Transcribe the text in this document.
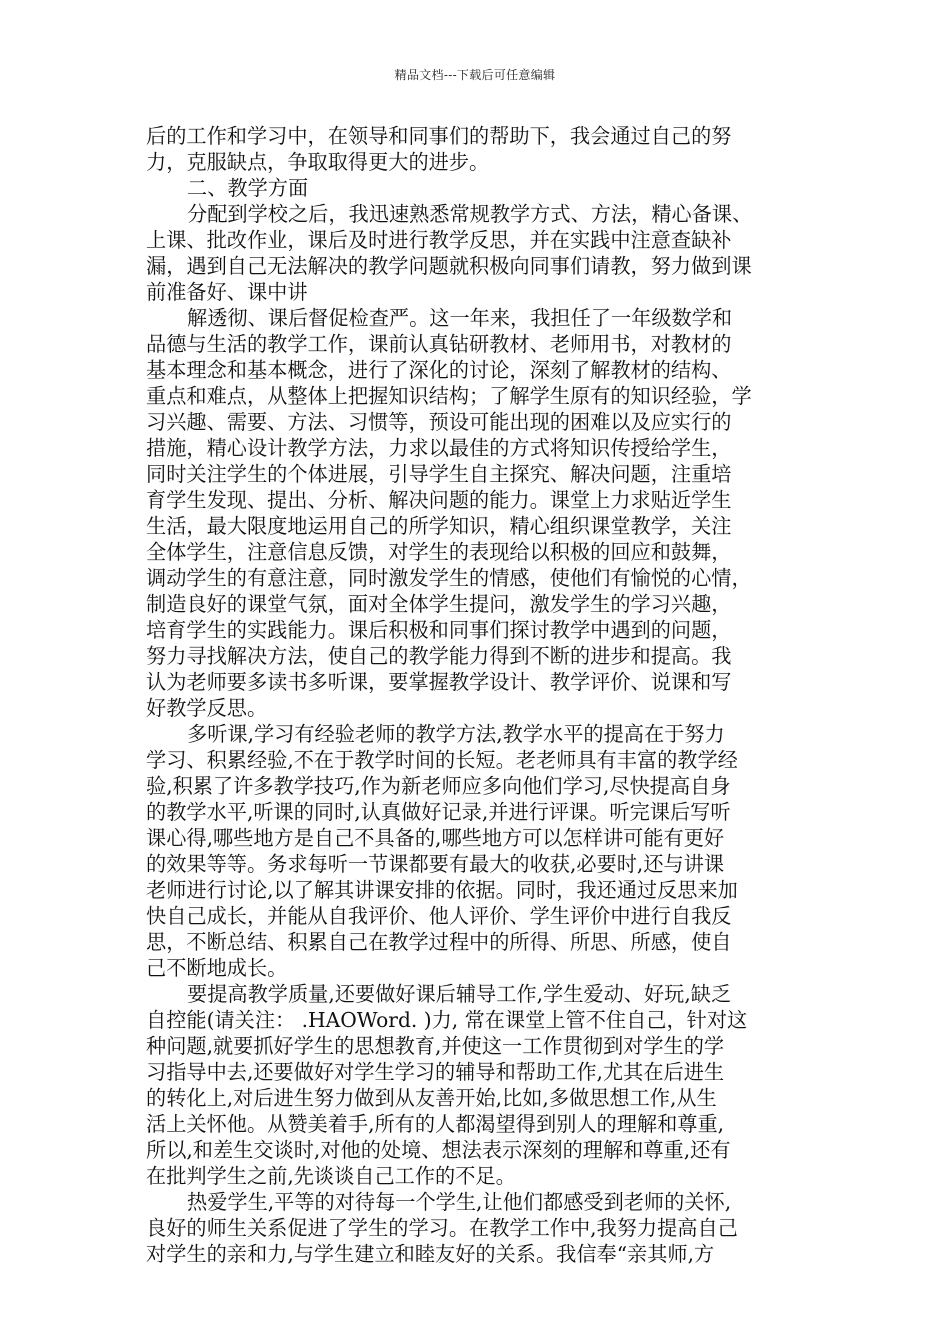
精品文档---下载后可任意编辑
后的工作和学习中，在领导和同事们的帮助下，我会通过自己的努
力，克服缺点，争取取得更大的进步。
二、教学方面
分配到学校之后，我迅速熟悉常规教学方式、方法，精心备课、
上课、批改作业，课后及时进行教学反思，并在实践中注意查缺补
漏，遇到自己无法解决的教学问题就积极向同事们请教，努力做到课
前准备好、课中讲
解透彻、课后督促检查严。这一年来，我担任了一年级数学和
品德与生活的教学工作，课前认真钻研教材、老师用书，对教材的
基本理念和基本概念，进行了深化的讨论，深刻了解教材的结构、
重点和难点，从整体上把握知识结构；了解学生原有的知识经验，学
习兴趣、需要、方法、习惯等，预设可能出现的困难以及应实行的
措施，精心设计教学方法，力求以最佳的方式将知识传授给学生，
同时关注学生的个体进展，引导学生自主探究、解决问题，注重培
育学生发现、提出、分析、解决问题的能力。课堂上力求贴近学生
生活，最大限度地运用自己的所学知识，精心组织课堂教学，关注
全体学生，注意信息反馈，对学生的表现给以积极的回应和鼓舞，
调动学生的有意注意，同时激发学生的情感，使他们有愉悦的心情，
制造良好的课堂气氛，面对全体学生提问，激发学生的学习兴趣，
培育学生的实践能力。课后积极和同事们探讨教学中遇到的问题，
努力寻找解决方法，使自己的教学能力得到不断的进步和提高。我
认为老师要多读书多听课，要掌握教学设计、教学评价、说课和写
好教学反思。
多听课,学习有经验老师的教学方法,教学水平的提高在于努力
学习、积累经验,不在于教学时间的长短。老老师具有丰富的教学经
验,积累了许多教学技巧,作为新老师应多向他们学习,尽快提高自身
的教学水平,听课的同时,认真做好记录,并进行评课。听完课后写听
课心得,哪些地方是自己不具备的,哪些地方可以怎样讲可能有更好
的效果等等。务求每听一节课都要有最大的收获,必要时,还与讲课
老师进行讨论,以了解其讲课安排的依据。同时，我还通过反思来加
快自己成长，并能从自我评价、他人评价、学生评价中进行自我反
思，不断总结、积累自己在教学过程中的所得、所思、所感，使自
己不断地成长。
要提高教学质量,还要做好课后辅导工作,学生爱动、好玩,缺乏
自控能(请关注： .HAOWord. )力, 常在课堂上管不住自己，针对这
种问题,就要抓好学生的思想教育,并使这一工作贯彻到对学生的学
习指导中去,还要做好对学生学习的辅导和帮助工作,尤其在后进生
的转化上,对后进生努力做到从友善开始,比如,多做思想工作,从生
活上关怀他。从赞美着手,所有的人都渴望得到别人的理解和尊重,
所以,和差生交谈时,对他的处境、想法表示深刻的理解和尊重,还有
在批判学生之前,先谈谈自己工作的不足。
热爱学生,平等的对待每一个学生,让他们都感受到老师的关怀,
良好的师生关系促进了学生的学习。在教学工作中,我努力提高自己
对学生的亲和力,与学生建立和睦友好的关系。我信奉“亲其师,方
